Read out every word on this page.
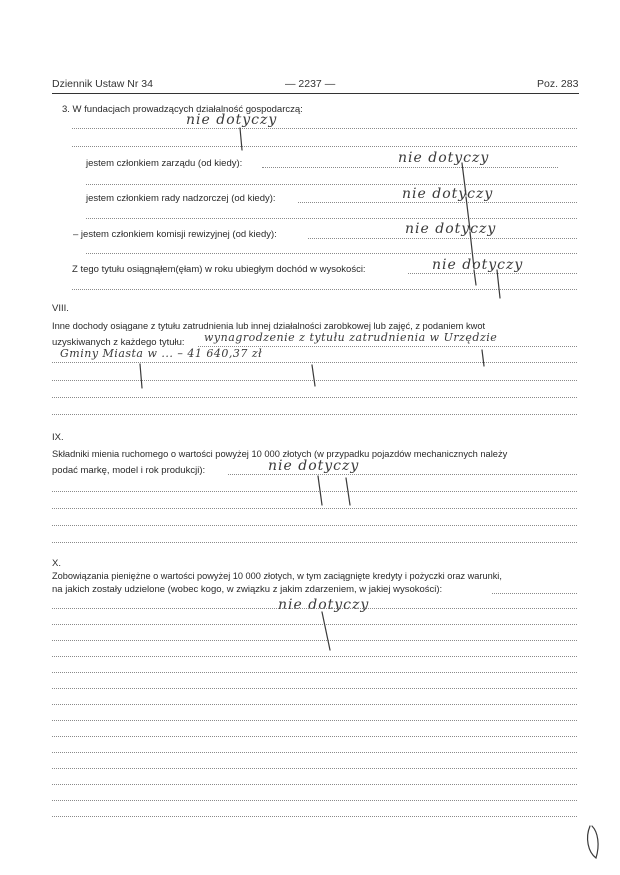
Dziennik Ustaw Nr 34	— 2237 —	Poz. 283
3. W fundacjach prowadzących działalność gospodarczą:
nie dotyczy
jestem członkiem zarządu (od kiedy):	nie dotyczy
jestem członkiem rady nadzorczej (od kiedy):	nie dotyczy
– jestem członkiem komisji rewizyjnej (od kiedy):	nie dotyczy
Z tego tytułu osiągnąłem(ęłam) w roku ubiegłym dochód w wysokości:	nie dotyczy
VIII.
Inne dochody osiągane z tytułu zatrudnienia lub innej działalności zarobkowej lub zajęć, z podaniem kwot
uzyskiwanych z każdego tytułu: wynagrodzenie z tytułu zatrudnienia w Urzędzie
Gminy Miasta w ... – 41 640,37 zł
IX.
Składniki mienia ruchomego o wartości powyżej 10 000 złotych (w przypadku pojazdów mechanicznych należy
podać markę, model i rok produkcji):	nie dotyczy
X.
Zobowiązania pieniężne o wartości powyżej 10 000 złotych, w tym zaciągnięte kredyty i pożyczki oraz warunki,
na jakich zostały udzielone (wobec kogo, w związku z jakim zdarzeniem, w jakiej wysokości):
nie dotyczy
